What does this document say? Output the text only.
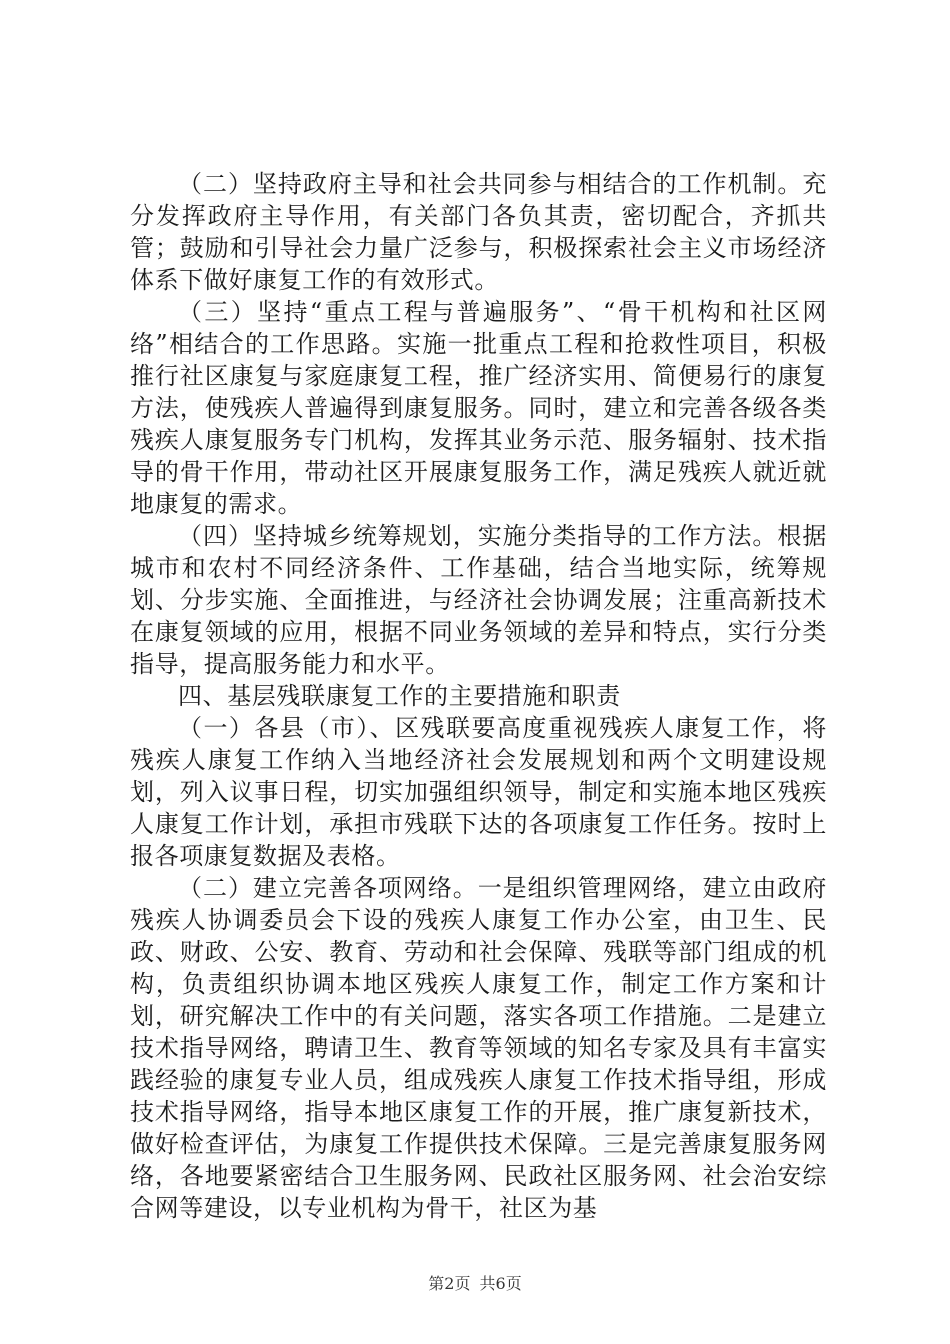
（二）坚持政府主导和社会共同参与相结合的工作机制。充分发挥政府主导作用，有关部门各负其责，密切配合，齐抓共管；鼓励和引导社会力量广泛参与，积极探索社会主义市场经济体系下做好康复工作的有效形式。

（三）坚持“重点工程与普遍服务”、“骨干机构和社区网络”相结合的工作思路。实施一批重点工程和抢救性项目，积极推行社区康复与家庭康复工程，推广经济实用、简便易行的康复方法，使残疾人普遍得到康复服务。同时，建立和完善各级各类残疾人康复服务专门机构，发挥其业务示范、服务辐射、技术指导的骨干作用，带动社区开展康复服务工作，满足残疾人就近就地康复的需求。

（四）坚持城乡统筹规划，实施分类指导的工作方法。根据城市和农村不同经济条件、工作基础，结合当地实际，统筹规划、分步实施、全面推进，与经济社会协调发展；注重高新技术在康复领域的应用，根据不同业务领域的差异和特点，实行分类指导，提高服务能力和水平。

四、基层残联康复工作的主要措施和职责

（一）各县（市）、区残联要高度重视残疾人康复工作，将残疾人康复工作纳入当地经济社会发展规划和两个文明建设规划，列入议事日程，切实加强组织领导，制定和实施本地区残疾人康复工作计划，承担市残联下达的各项康复工作任务。按时上报各项康复数据及表格。

（二）建立完善各项网络。一是组织管理网络，建立由政府残疾人协调委员会下设的残疾人康复工作办公室，由卫生、民政、财政、公安、教育、劳动和社会保障、残联等部门组成的机构，负责组织协调本地区残疾人康复工作，制定工作方案和计划，研究解决工作中的有关问题，落实各项工作措施。二是建立技术指导网络，聘请卫生、教育等领域的知名专家及具有丰富实践经验的康复专业人员，组成残疾人康复工作技术指导组，形成技术指导网络，指导本地区康复工作的开展，推广康复新技术，做好检查评估，为康复工作提供技术保障。三是完善康复服务网络，各地要紧密结合卫生服务网、民政社区服务网、社会治安综合网等建设，以专业机构为骨干，社区为基

第2页 共6页
